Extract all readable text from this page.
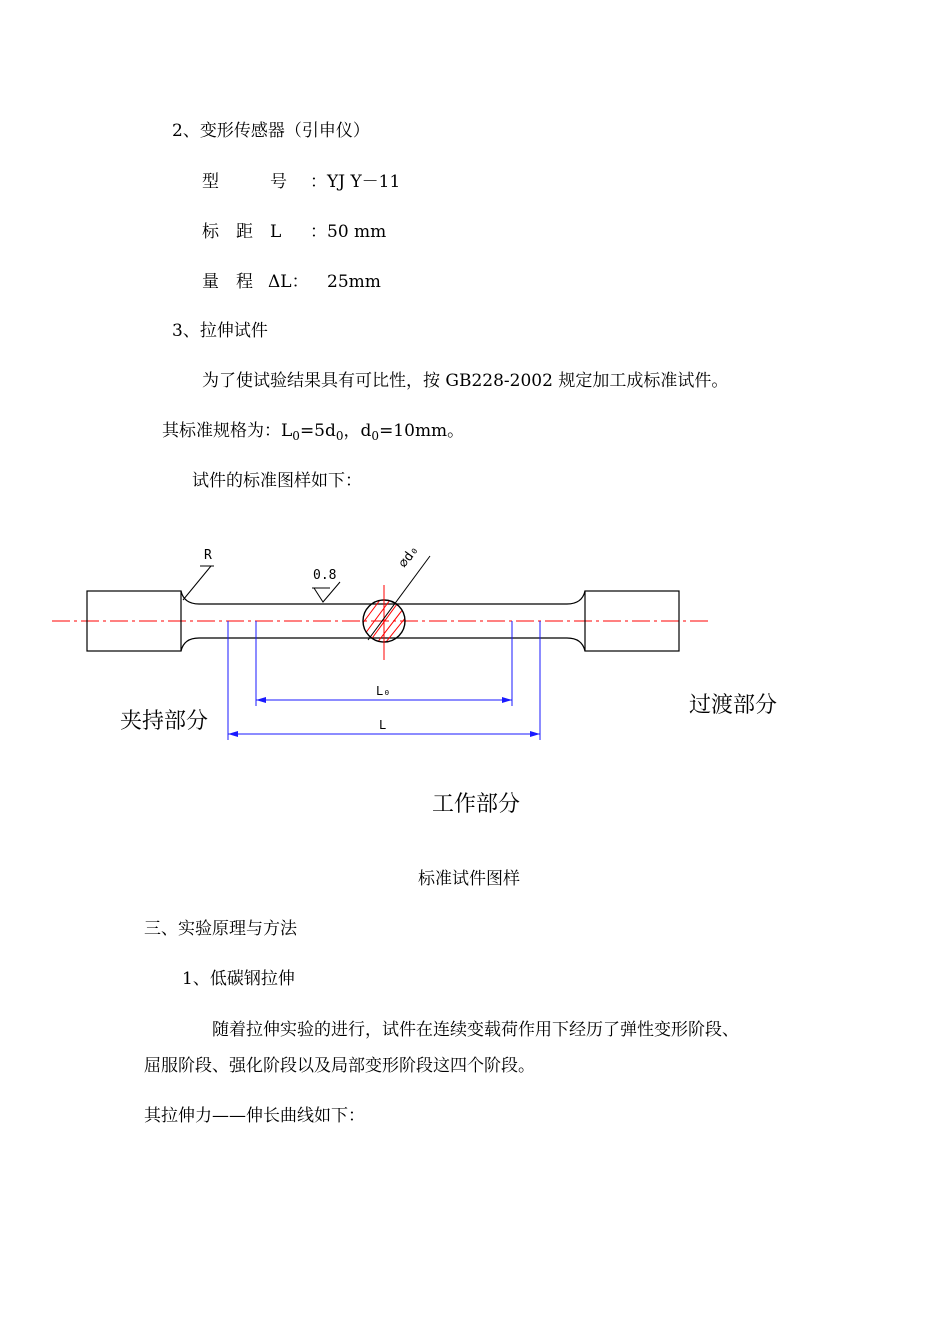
2、变形传感器（引申仪）
型　　　号 ：YJ Y－11
标　距　L ：50 mm
量　程 ΔL： 25mm
3、拉伸试件
为了使试验结果具有可比性，按 GB228-2002 规定加工成标准试件。
其标准规格为：$L_0=5d_0$，$d_0=10mm$。
试件的标准图样如下：
R
0.8
⌀d₀
L₀
L
夹持部分
过渡部分
工作部分
标准试件图样
三、实验原理与方法
1、低碳钢拉伸
随着拉伸实验的进行，试件在连续变载荷作用下经历了弹性变形阶段、
屈服阶段、强化阶段以及局部变形阶段这四个阶段。
其拉伸力——伸长曲线如下：
